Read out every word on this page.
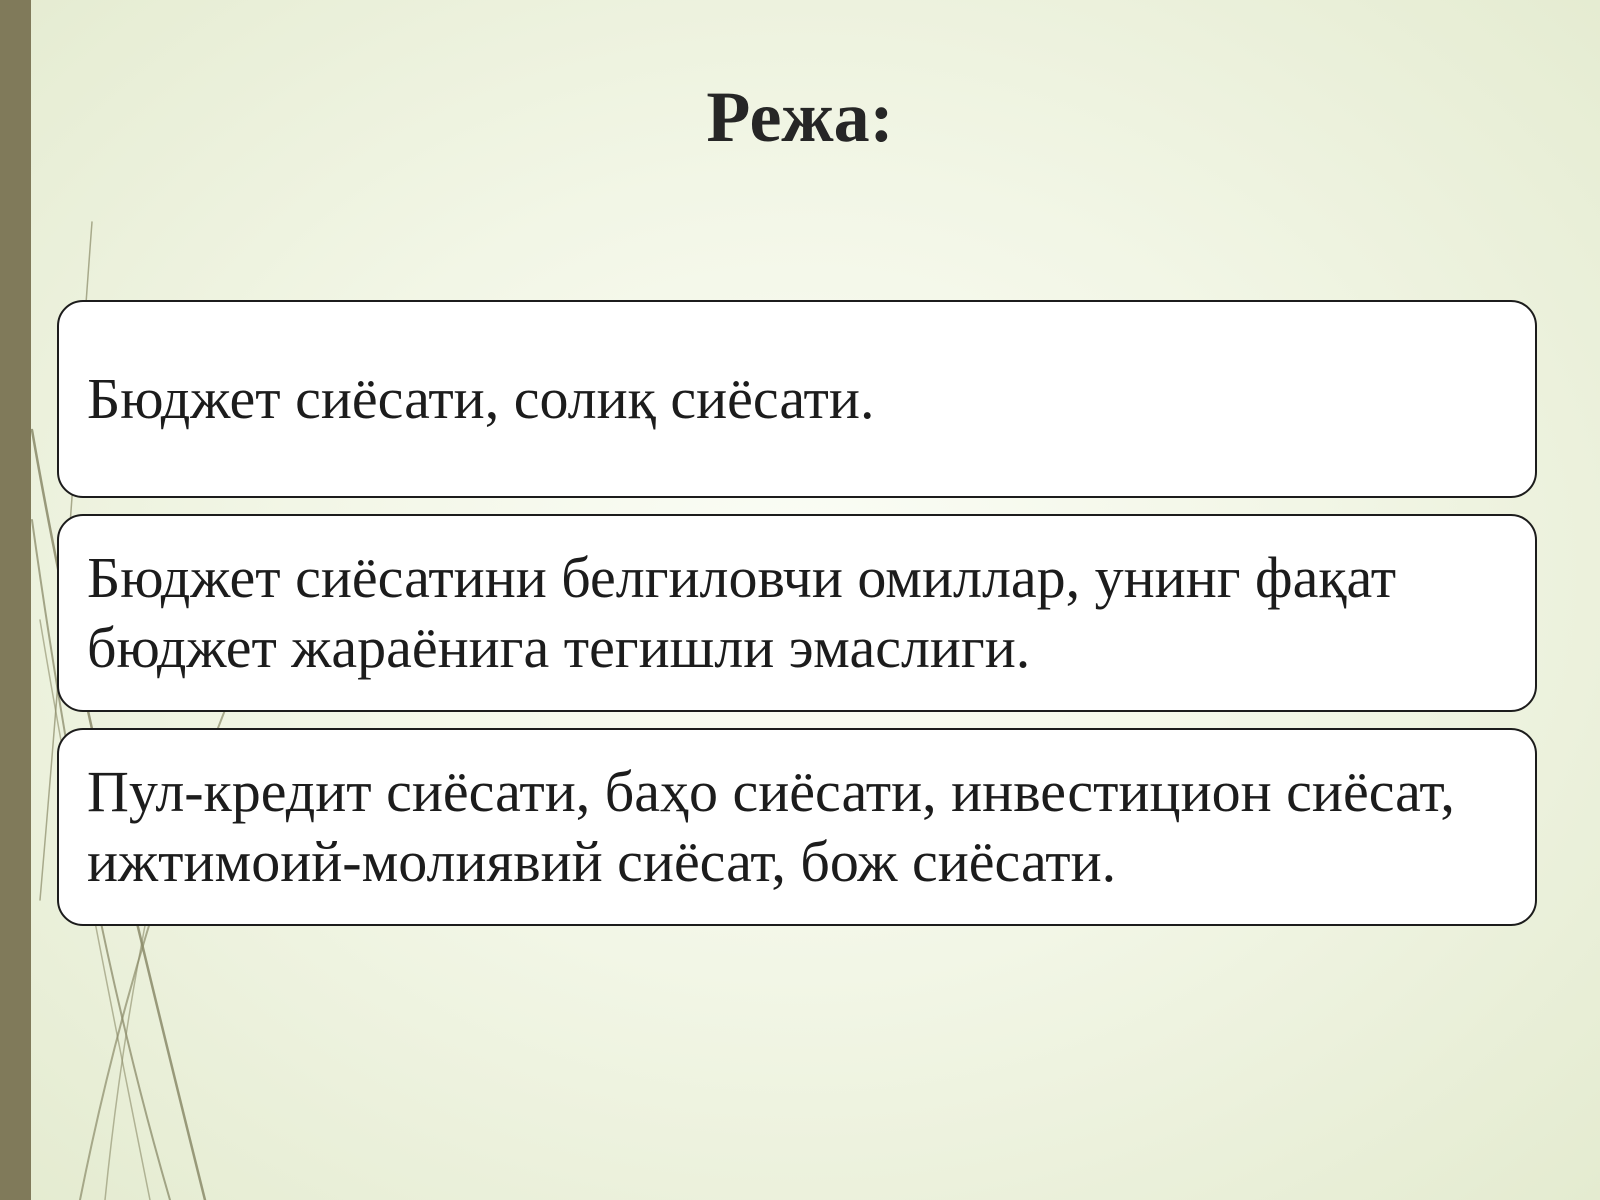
Режа:
Бюджет сиёсати, солиқ сиёсати.
Бюджет сиёсатини белгиловчи омиллар, унинг фақат бюджет жараёнига тегишли эмаслиги.
Пул-кредит сиёсати, баҳо сиёсати, инвестицион сиёсат, ижтимоий-молиявий сиёсат, бож сиёсати.
